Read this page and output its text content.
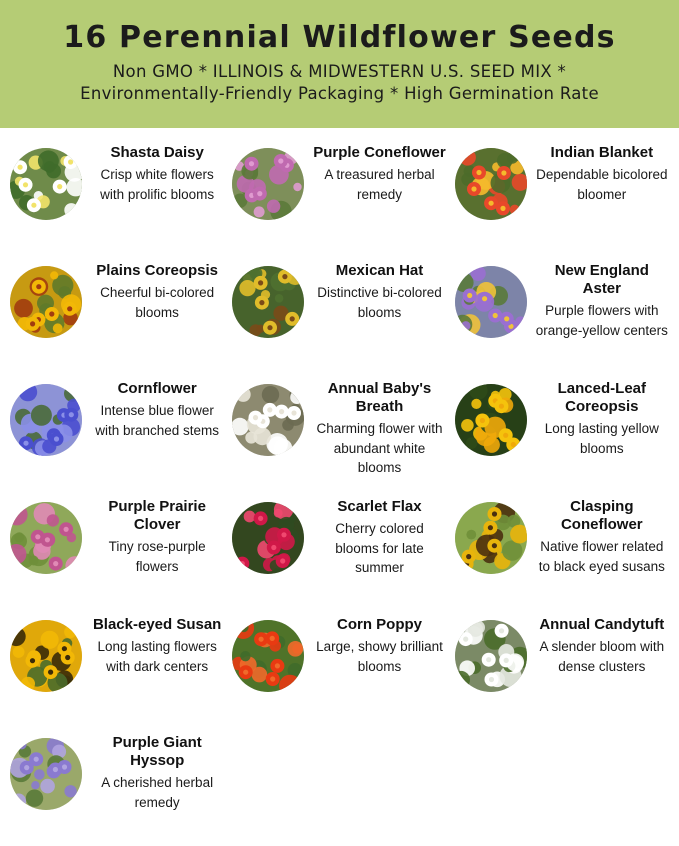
16 Perennial Wildflower Seeds
Non GMO * ILLINOIS & MIDWESTERN U.S. SEED MIX *
Environmentally-Friendly Packaging * High Germination Rate
Shasta Daisy
Crisp white flowers with prolific blooms
Purple Coneflower
A treasured herbal remedy
Indian Blanket
Dependable bicolored bloomer
Plains Coreopsis
Cheerful bi-colored blooms
Mexican Hat
Distinctive bi-colored blooms
New England Aster
Purple flowers with orange-yellow centers
Cornflower
Intense blue flower with branched stems
Annual Baby's Breath
Charming flower with abundant white blooms
Lanced-Leaf Coreopsis
Long lasting yellow blooms
Purple Prairie Clover
Tiny rose-purple flowers
Scarlet Flax
Cherry colored blooms for late summer
Clasping Coneflower
Native flower related to black eyed susans
Black-eyed Susan
Long lasting flowers with dark centers
Corn Poppy
Large, showy brilliant blooms
Annual Candytuft
A slender bloom with dense clusters
Purple Giant Hyssop
A cherished herbal remedy
